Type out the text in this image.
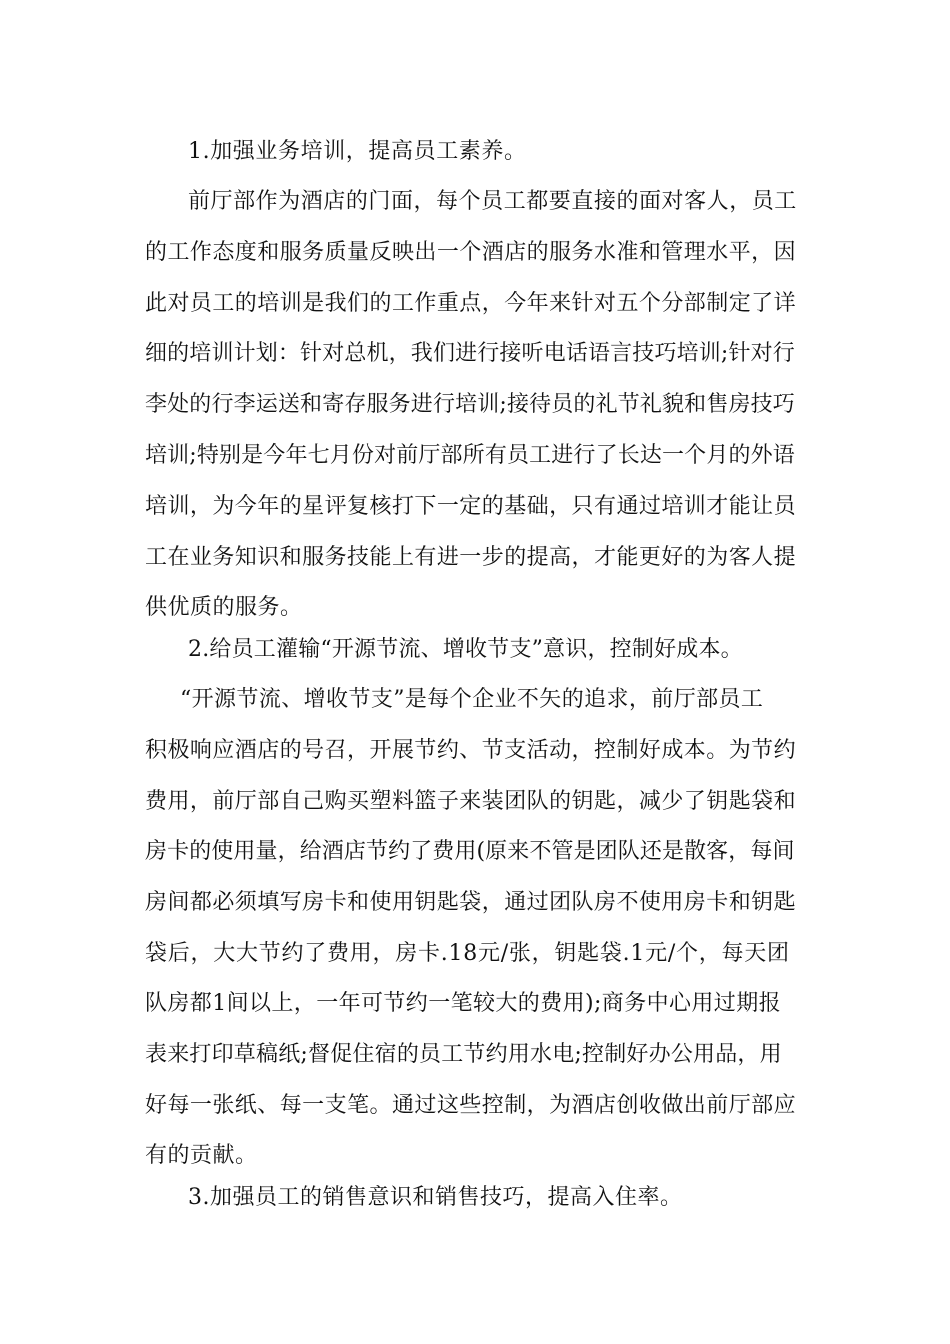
1.加强业务培训，提高员工素养。
前厅部作为酒店的门面，每个员工都要直接的面对客人，员工
的工作态度和服务质量反映出一个酒店的服务水准和管理水平，因
此对员工的培训是我们的工作重点，今年来针对五个分部制定了详
细的培训计划：针对总机，我们进行接听电话语言技巧培训;针对行
李处的行李运送和寄存服务进行培训;接待员的礼节礼貌和售房技巧
培训;特别是今年七月份对前厅部所有员工进行了长达一个月的外语
培训，为今年的星评复核打下一定的基础，只有通过培训才能让员
工在业务知识和服务技能上有进一步的提高，才能更好的为客人提
供优质的服务。
2.给员工灌输“开源节流、增收节支”意识，控制好成本。
“开源节流、增收节支”是每个企业不矢的追求，前厅部员工
积极响应酒店的号召，开展节约、节支活动，控制好成本。为节约
费用，前厅部自己购买塑料篮子来装团队的钥匙，减少了钥匙袋和
房卡的使用量，给酒店节约了费用(原来不管是团队还是散客，每间
房间都必须填写房卡和使用钥匙袋，通过团队房不使用房卡和钥匙
袋后，大大节约了费用，房卡.18元/张，钥匙袋.1元/个，每天团
队房都1间以上，一年可节约一笔较大的费用);商务中心用过期报
表来打印草稿纸;督促住宿的员工节约用水电;控制好办公用品，用
好每一张纸、每一支笔。通过这些控制，为酒店创收做出前厅部应
有的贡献。
3.加强员工的销售意识和销售技巧，提高入住率。
